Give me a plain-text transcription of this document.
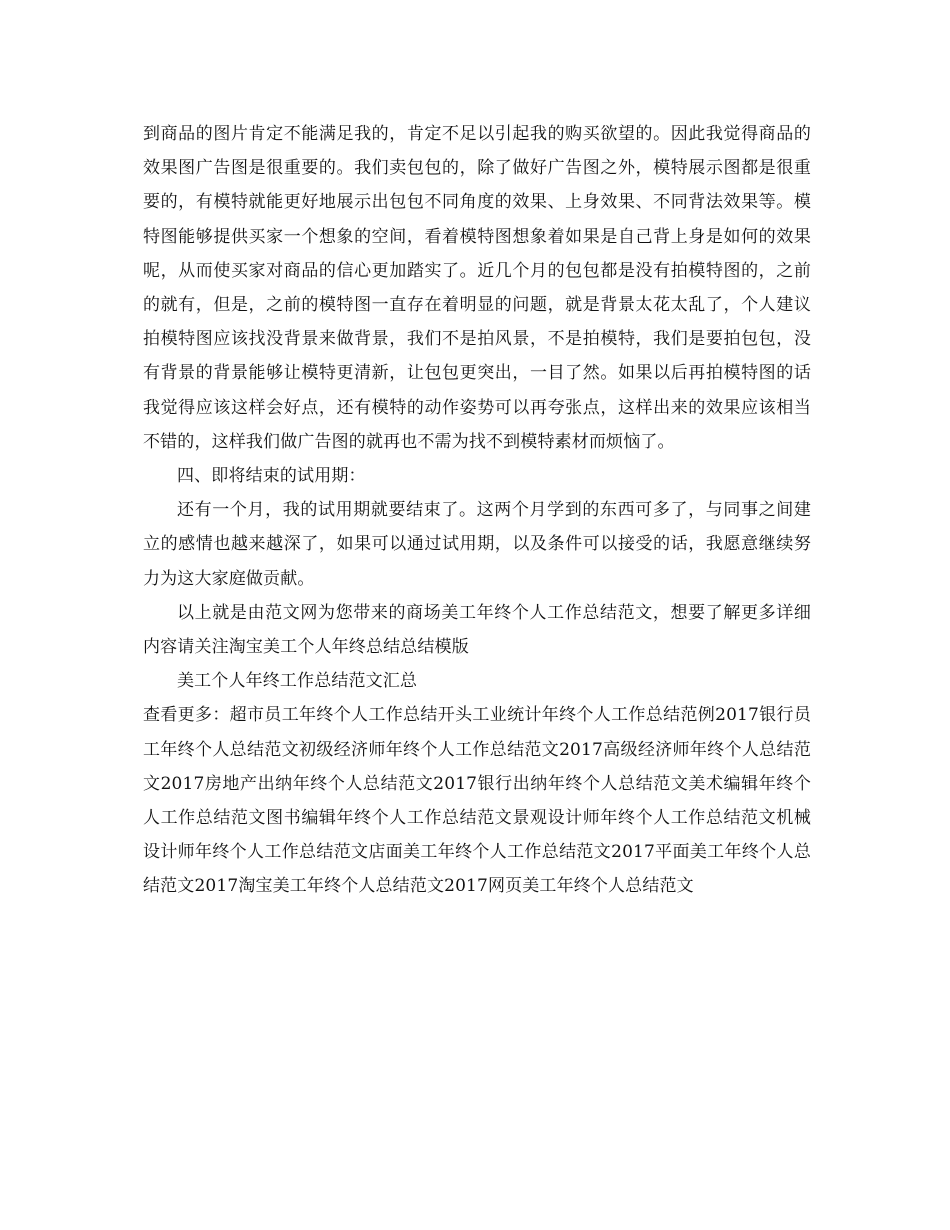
到商品的图片肯定不能满足我的，肯定不足以引起我的购买欲望的。因此我觉得商品的效果图广告图是很重要的。我们卖包包的，除了做好广告图之外，模特展示图都是很重要的，有模特就能更好地展示出包包不同角度的效果、上身效果、不同背法效果等。模特图能够提供买家一个想象的空间，看着模特图想象着如果是自己背上身是如何的效果呢，从而使买家对商品的信心更加踏实了。近几个月的包包都是没有拍模特图的，之前的就有，但是，之前的模特图一直存在着明显的问题，就是背景太花太乱了，个人建议拍模特图应该找没背景来做背景，我们不是拍风景，不是拍模特，我们是要拍包包，没有背景的背景能够让模特更清新，让包包更突出，一目了然。如果以后再拍模特图的话我觉得应该这样会好点，还有模特的动作姿势可以再夸张点，这样出来的效果应该相当不错的，这样我们做广告图的就再也不需为找不到模特素材而烦恼了。

四、即将结束的试用期：

还有一个月，我的试用期就要结束了。这两个月学到的东西可多了，与同事之间建立的感情也越来越深了，如果可以通过试用期，以及条件可以接受的话，我愿意继续努力为这大家庭做贡献。

以上就是由范文网为您带来的商场美工年终个人工作总结范文，想要了解更多详细内容请关注淘宝美工个人年终总结总结模版

美工个人年终工作总结范文汇总

查看更多：超市员工年终个人工作总结开头工业统计年终个人工作总结范例2017银行员工年终个人总结范文初级经济师年终个人工作总结范文2017高级经济师年终个人总结范文2017房地产出纳年终个人总结范文2017银行出纳年终个人总结范文美术编辑年终个人工作总结范文图书编辑年终个人工作总结范文景观设计师年终个人工作总结范文机械设计师年终个人工作总结范文店面美工年终个人工作总结范文2017平面美工年终个人总结范文2017淘宝美工年终个人总结范文2017网页美工年终个人总结范文
